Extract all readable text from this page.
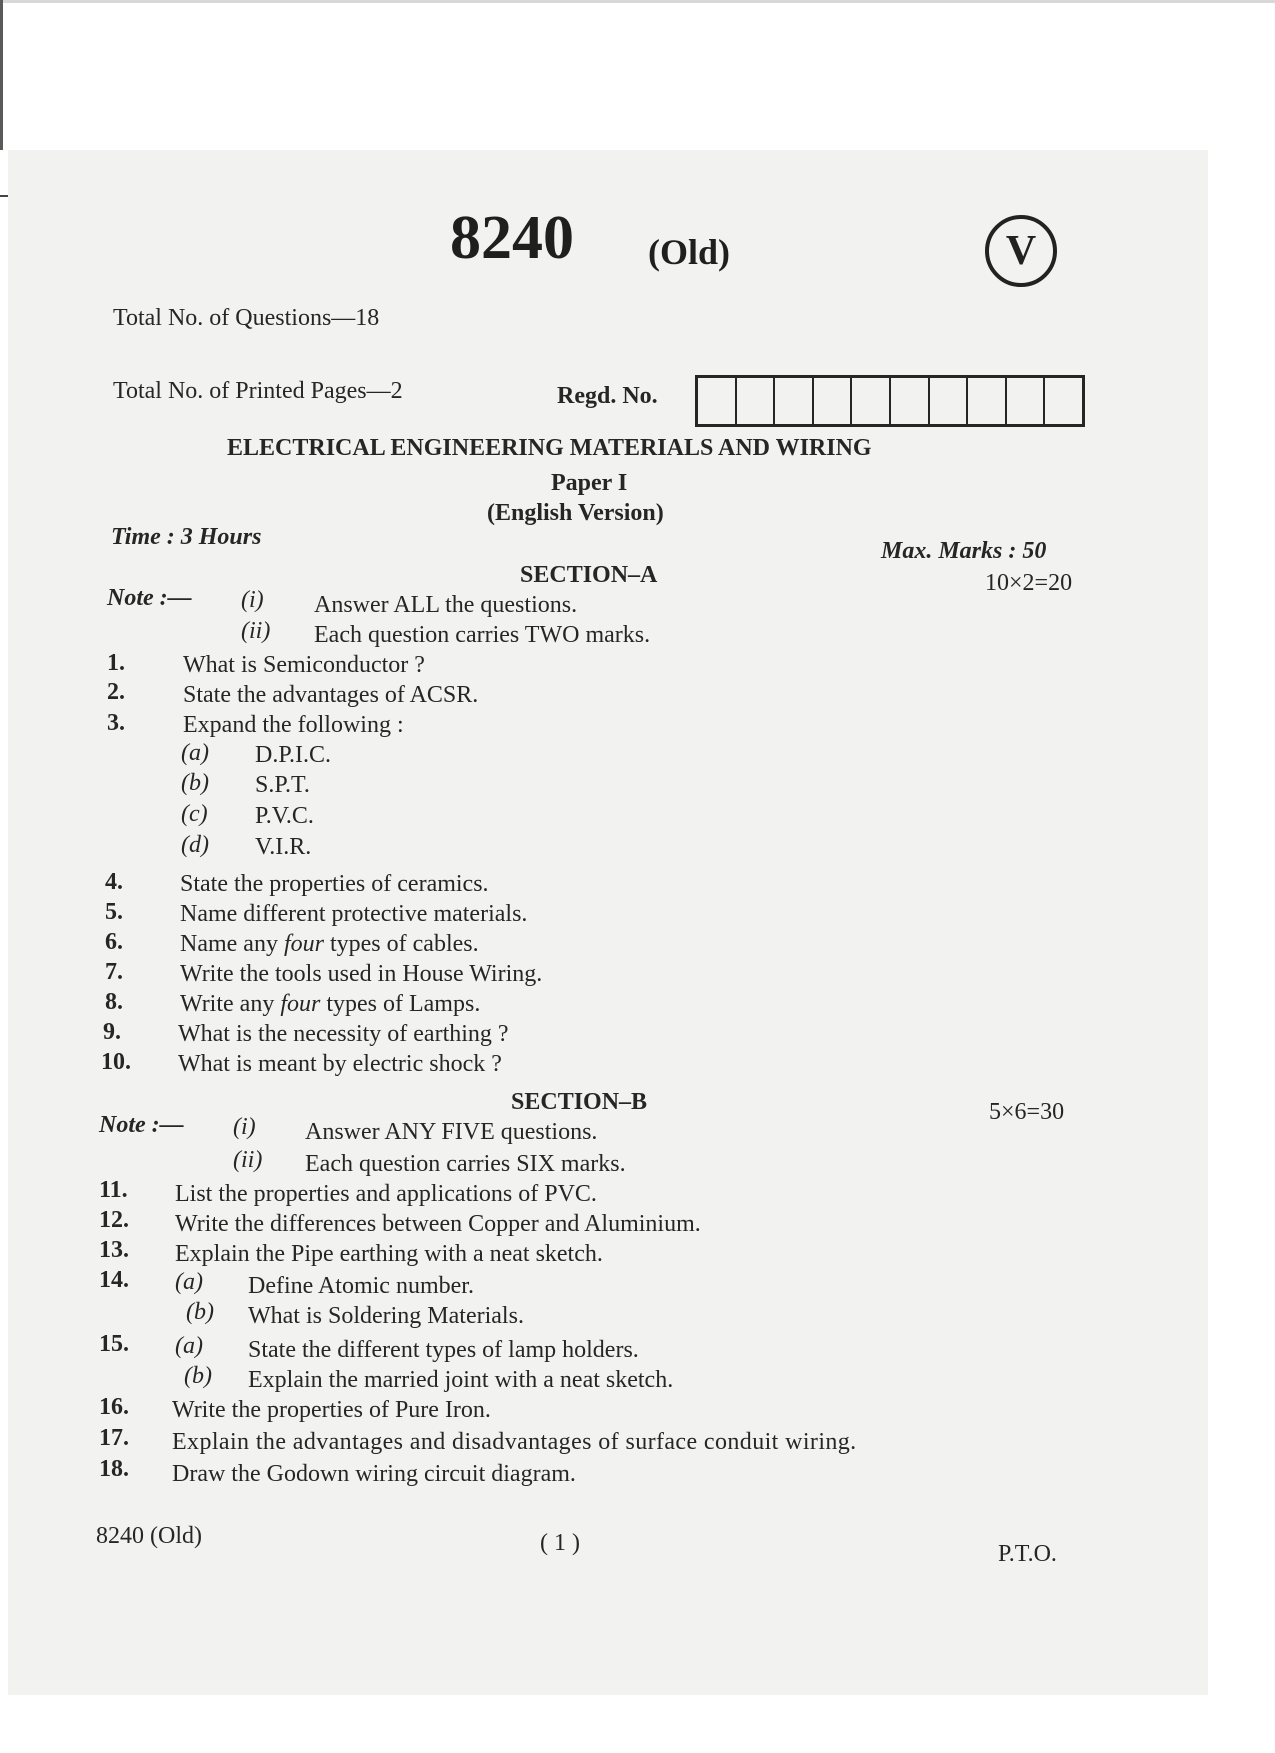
8240 (Old)	V
Total No. of Questions—18
Total No. of Printed Pages—2	Regd. No.
ELECTRICAL ENGINEERING MATERIALS AND WIRING
Paper I
(English Version)
Time : 3 Hours
Max. Marks : 50
SECTION–A	10×2=20
Note :— (i) Answer ALL the questions.
(ii) Each question carries TWO marks.
1. What is Semiconductor ?
2. State the advantages of ACSR.
3. Expand the following :
(a) D.P.I.C.
(b) S.P.T.
(c) P.V.C.
(d) V.I.R.
4. State the properties of ceramics.
5. Name different protective materials.
6. Name any four types of cables.
7. Write the tools used in House Wiring.
8. Write any four types of Lamps.
9. What is the necessity of earthing ?
10. What is meant by electric shock ?
SECTION–B	5×6=30
Note :— (i) Answer ANY FIVE questions.
(ii) Each question carries SIX marks.
11. List the properties and applications of PVC.
12. Write the differences between Copper and Aluminium.
13. Explain the Pipe earthing with a neat sketch.
14. (a) Define Atomic number.
(b) What is Soldering Materials.
15. (a) State the different types of lamp holders.
(b) Explain the married joint with a neat sketch.
16. Write the properties of Pure Iron.
17. Explain the advantages and disadvantages of surface conduit wiring.
18. Draw the Godown wiring circuit diagram.
8240 (Old)	( 1 )	P.T.O.
